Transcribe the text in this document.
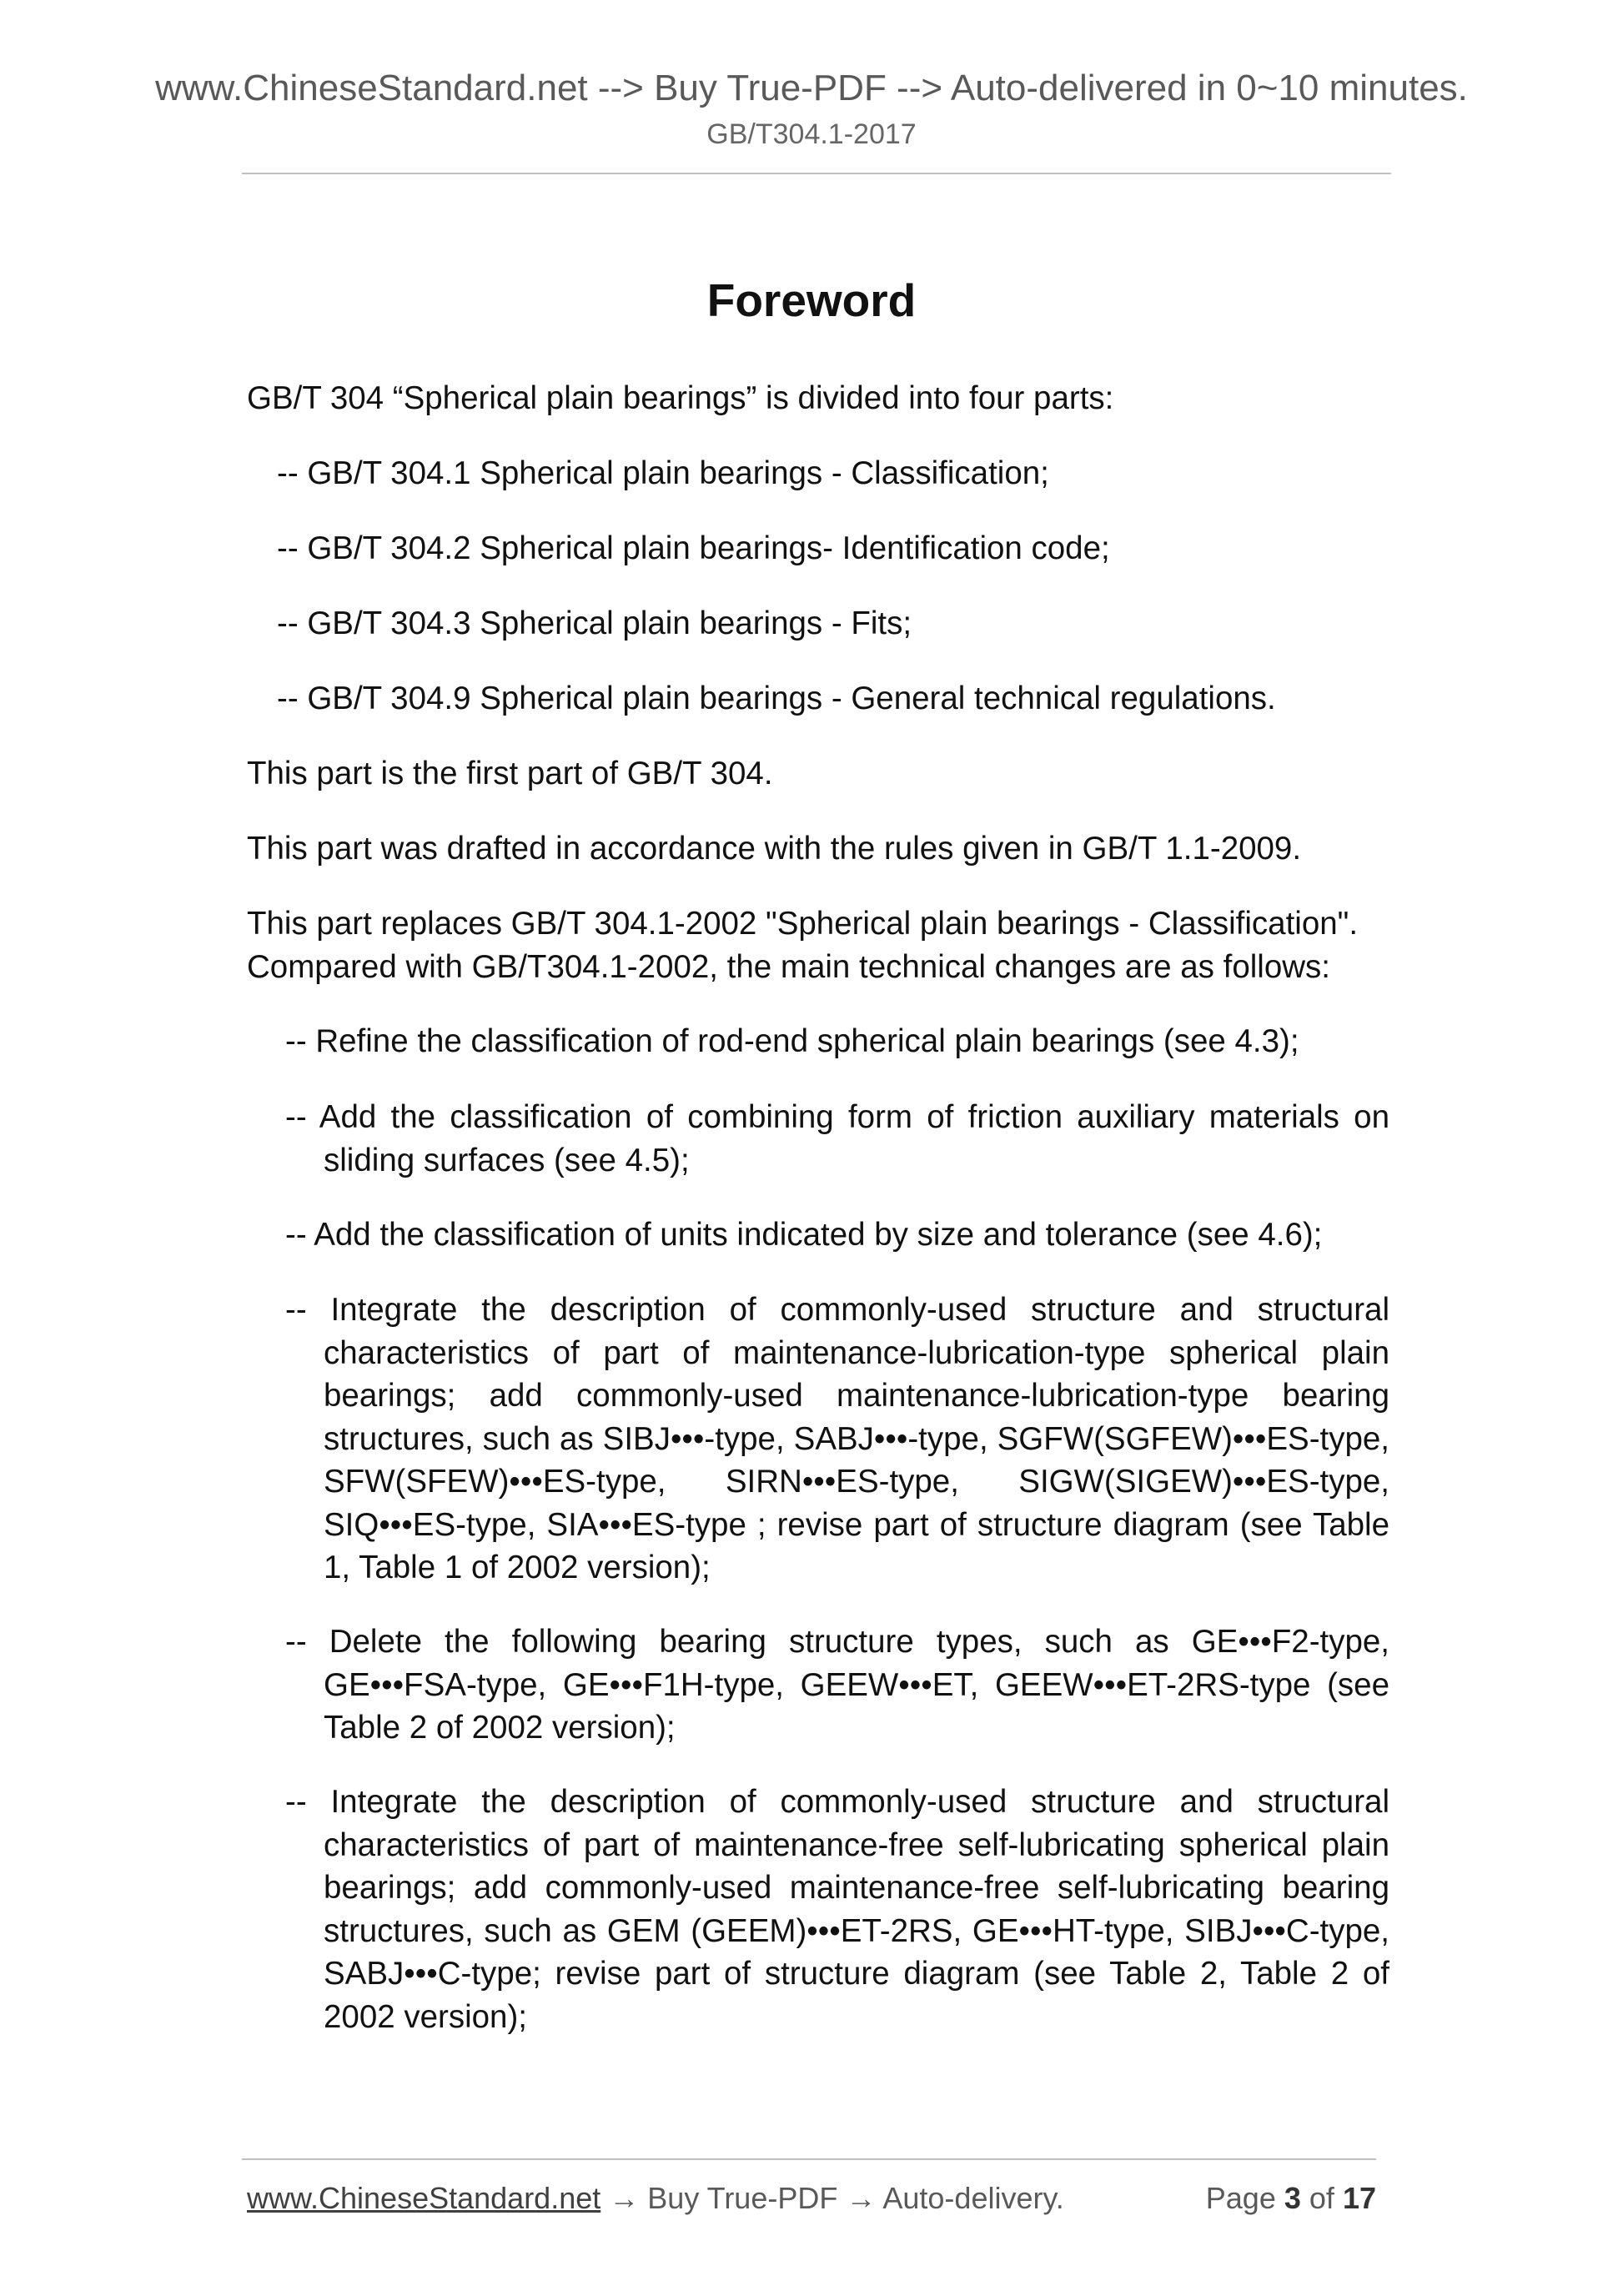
www.ChineseStandard.net --> Buy True-PDF --> Auto-delivered in 0~10 minutes.
GB/T304.1-2017
Foreword
GB/T 304 “Spherical plain bearings” is divided into four parts:
-- GB/T 304.1 Spherical plain bearings - Classification;
-- GB/T 304.2 Spherical plain bearings- Identification code;
-- GB/T 304.3 Spherical plain bearings - Fits;
-- GB/T 304.9 Spherical plain bearings - General technical regulations.
This part is the first part of GB/T 304.
This part was drafted in accordance with the rules given in GB/T 1.1-2009.
This part replaces GB/T 304.1-2002 "Spherical plain bearings - Classification". Compared with GB/T304.1-2002, the main technical changes are as follows:
-- Refine the classification of rod-end spherical plain bearings (see 4.3);
-- Add the classification of combining form of friction auxiliary materials on sliding surfaces (see 4.5);
-- Add the classification of units indicated by size and tolerance (see 4.6);
-- Integrate the description of commonly-used structure and structural characteristics of part of maintenance-lubrication-type spherical plain bearings; add commonly-used maintenance-lubrication-type bearing structures, such as SIBJ•••-type, SABJ•••-type, SGFW(SGFEW)•••ES-type, SFW(SFEW)•••ES-type, SIRN•••ES-type, SIGW(SIGEW)•••ES-type, SIQ•••ES-type, SIA•••ES-type ; revise part of structure diagram (see Table 1, Table 1 of 2002 version);
-- Delete the following bearing structure types, such as GE•••F2-type, GE•••FSA-type, GE•••F1H-type, GEEW•••ET, GEEW•••ET-2RS-type (see Table 2 of 2002 version);
-- Integrate the description of commonly-used structure and structural characteristics of part of maintenance-free self-lubricating spherical plain bearings; add commonly-used maintenance-free self-lubricating bearing structures, such as GEM (GEEM)•••ET-2RS, GE•••HT-type, SIBJ•••C-type, SABJ•••C-type; revise part of structure diagram (see Table 2, Table 2 of 2002 version);
www.ChineseStandard.net → Buy True-PDF → Auto-delivery.	Page 3 of 17
